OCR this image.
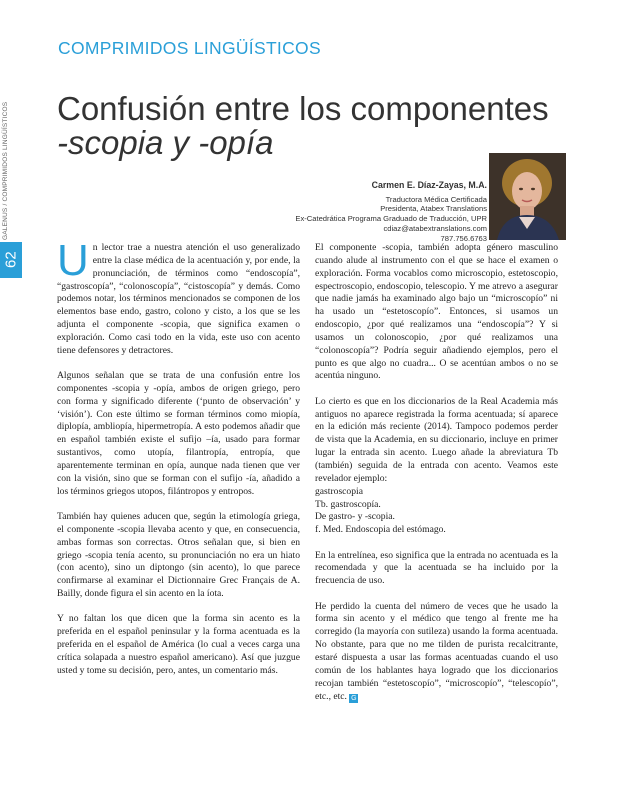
COMPRIMIDOS LINGÜÍSTICOS
GALENUS / COMPRIMIDOS LINGÜÍSTICOS
62
Confusión entre los componentes
-scopia y -opía
Carmen E. Díaz-Zayas, M.A.
Traductora Médica Certificada
Presidenta, Atabex Translations
Ex-Catedrática Programa Graduado de Traducción, UPR
cdiaz@atabextranslations.com
787.756.6763

Un lector trae a nuestra atención el uso generalizado entre la clase médica de la acentuación y, por ende, la pronunciación, de términos como “endoscopía”, “gastroscopía”, “colonoscopía”, “cistoscopía” y demás. Como podemos notar, los términos mencionados se componen de los elementos base endo, gastro, colono y cisto, a los que se les adjunta el componente -scopia, que significa examen o exploración. Como casi todo en la vida, este uso con acento tiene defensores y detractores.

Algunos señalan que se trata de una confusión entre los componentes -scopia y -opía, ambos de origen griego, pero con forma y significado diferente (‘punto de observación’ y ‘visión’). Con este último se forman términos como miopía, diplopía, ambliopía, hipermetropía. A esto podemos añadir que en español también existe el sufijo –ía, usado para formar sustantivos, como utopía, filantropía, entropía, que aparentemente terminan en opía, aunque nada tienen que ver con la visión, sino que se forman con el sufijo -ía, añadido a los términos griegos utopos, filántropos y entropos.

También hay quienes aducen que, según la etimología griega, el componente -scopia llevaba acento y que, en consecuencia, ambas formas son correctas. Otros señalan que, si bien en griego -scopia tenía acento, su pronunciación no era un hiato (con acento), sino un diptongo (sin acento), lo que parece confirmarse al examinar el Dictionnaire Grec Français de A. Bailly, donde figura el sin acento en la íota.

Y no faltan los que dicen que la forma sin acento es la preferida en el español peninsular y la forma acentuada es la preferida en el español de América (lo cual a veces carga una crítica solapada a nuestro español americano). Así que juzgue usted y tome su decisión, pero, antes, un comentario más.

El componente -scopia, también adopta género masculino cuando alude al instrumento con el que se hace el examen o exploración. Forma vocablos como microscopio, estetoscopio, espectroscopio, endoscopio, telescopio. Y me atrevo a asegurar que nadie jamás ha examinado algo bajo un “microscopío” ni ha usado un “estetoscopío”. Entonces, si usamos un endoscopio, ¿por qué realizamos una “endoscopía”? Y si usamos un colonoscopio, ¿por qué realizamos una “colonoscopía”? Podría seguir añadiendo ejemplos, pero el punto es que algo no cuadra... O se acentúan ambos o no se acentúa ninguno.

Lo cierto es que en los diccionarios de la Real Academia más antiguos no aparece registrada la forma acentuada; sí aparece en la edición más reciente (2014). Tampoco podemos perder de vista que la Academia, en su diccionario, incluye en primer lugar la entrada sin acento. Luego añade la abreviatura Tb (también) seguida de la entrada con acento. Veamos este revelador ejemplo:

gastroscopia
Tb. gastroscopía.
De gastro- y -scopia.
f. Med. Endoscopia del estómago.

En la entrelínea, eso significa que la entrada no acentuada es la recomendada y que la acentuada se ha incluido por la frecuencia de uso.

He perdido la cuenta del número de veces que he usado la forma sin acento y el médico que tengo al frente me ha corregido (la mayoría con sutileza) usando la forma acentuada. No obstante, para que no me tilden de purista recalcitrante, estaré dispuesta a usar las formas acentuadas cuando el uso común de los hablantes haya logrado que los diccionarios recojan también “estetoscopío”, “microscopío”, “telescopío”, etc., etc. G
